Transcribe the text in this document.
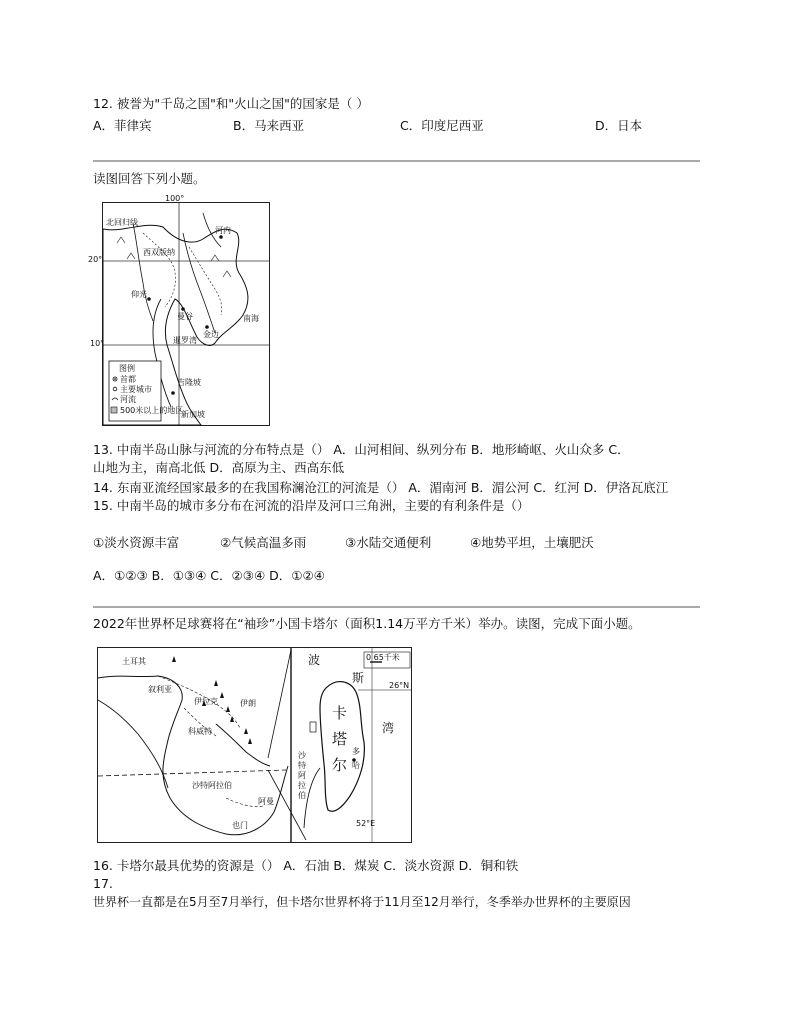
12. 被誉为"千岛之国"和"火山之国"的国家是（ ）
A．菲律宾	B．马来西亚	C．印度尼西亚	D．日本
读图回答下列小题。
100°
北回归线
西双版纳
河内
仰光
曼谷
金边
吉隆坡
南海
暹罗湾
新加坡
图例
首都
主要城市
河流
500米以上的地区
20°
10°
13. 中南半岛山脉与河流的分布特点是（） A．山河相间、纵列分布 B．地形崎岖、火山众多 C．
山地为主，南高北低 D．高原为主、西高东低
14. 东南亚流经国家最多的在我国称澜沧江的河流是（） A．湄南河 B．湄公河 C．红河 D．伊洛瓦底江
15. 中南半岛的城市多分布在河流的沿岸及河口三角洲，主要的有利条件是（）
①淡水资源丰富	②气候高温多雨	③水陆交通便利	④地势平坦，土壤肥沃
A．①②③ B．①③④ C．②③④ D．①②④
2022年世界杯足球赛将在“袖珍”小国卡塔尔（面积1.14万平方千米）举办。读图，完成下面小题。
土耳其
叙利亚
伊拉克	伊朗
科威特
沙特阿拉伯
阿曼
也门
0 65千米
26°N
52°E
波
斯
湾
卡
塔
尔
多
哈
沙
特
阿
拉
伯
16. 卡塔尔最具优势的资源是（） A．石油 B．煤炭 C．淡水资源 D．铜和铁
17.
世界杯一直都是在5月至7月举行，但卡塔尔世界杯将于11月至12月举行，冬季举办世界杯的主要原因
